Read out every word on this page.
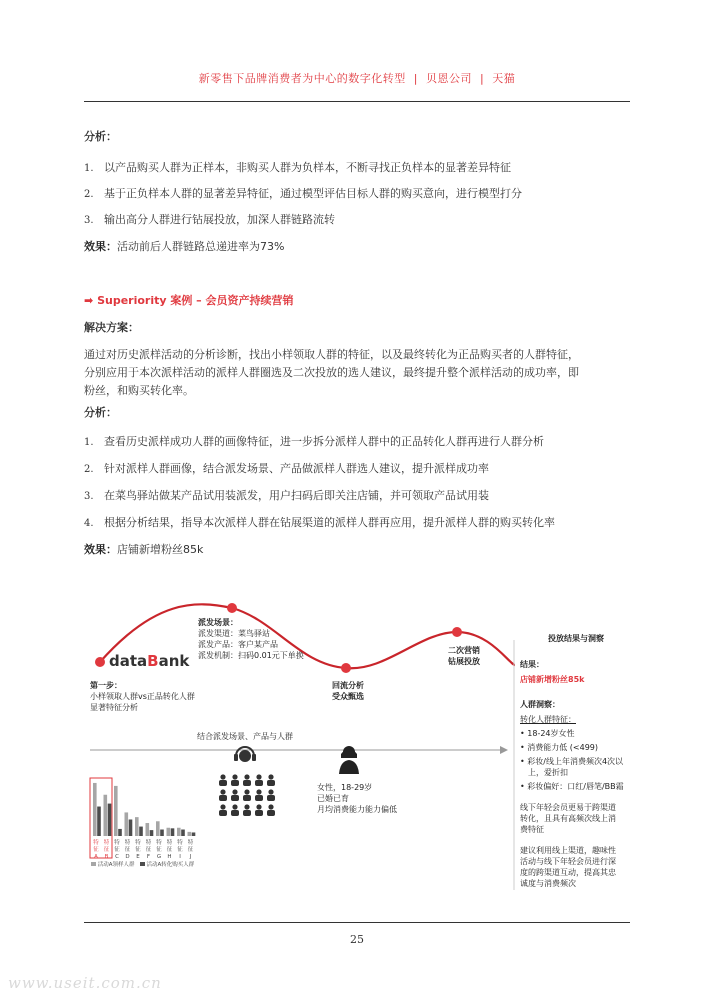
新零售下品牌消费者为中心的数字化转型 | 贝恩公司 | 天猫
分析：
1. 以产品购买人群为正样本，非购买人群为负样本，不断寻找正负样本的显著差异特征
2. 基于正负样本人群的显著差异特征，通过模型评估目标人群的购买意向，进行模型打分
3. 输出高分人群进行钻展投放，加深人群链路流转
效果：活动前后人群链路总递进率为73%
➡ Superiority 案例 – 会员资产持续营销
解决方案：
通过对历史派样活动的分析诊断，找出小样领取人群的特征，以及最终转化为正品购买者的人群特征，
分别应用于本次派样活动的派样人群圈选及二次投放的选人建议，最终提升整个派样活动的成功率，即
粉丝，和购买转化率。
分析：
1. 查看历史派样成功人群的画像特征，进一步拆分派样人群中的正品转化人群再进行人群分析
2. 针对派样人群画像，结合派发场景、产品做派样人群选人建议，提升派样成功率
3. 在菜鸟驿站做某产品试用装派发，用户扫码后即关注店铺，并可领取产品试用装
4. 根据分析结果，指导本次派样人群在钻展渠道的派样人群再应用，提升派样人群的购买转化率
效果：店铺新增粉丝85k
dataBank
第一步：
小样领取人群vs正品转化人群
显著特征分析
派发场景：
派发渠道：菜鸟驿站
派发产品：客户某产品
派发机制：扫码0.01元下单换
回流分析
受众甄选
二次营销
钻展投放
投放结果与洞察
结合派发场景、产品与人群
女性，18-29岁
已婚已育
月均消费能力能力偏低
结果：
店铺新增粉丝85k
人群洞察：
转化人群特征：
• 18-24岁女性
• 消费能力低 (<499)
• 彩妆/线上年消费频次4次以
上，爱折扣
• 彩妆偏好：口红/唇笔/BB霜
线下年轻会员更易于跨渠道
转化，且具有高频次线上消
费特征
建议利用线上渠道，趣味性
活动与线下年轻会员进行深
度的跨渠道互动，提高其忠
诚度与消费频次
特
征
A
特
征
B
特
征
C
特
征
D
特
征
E
特
征
F
特
征
G
特
征
H
特
征
I
特
征
J
活动A领样人群 活动A转化购买人群
25
www.useit.com.cn
